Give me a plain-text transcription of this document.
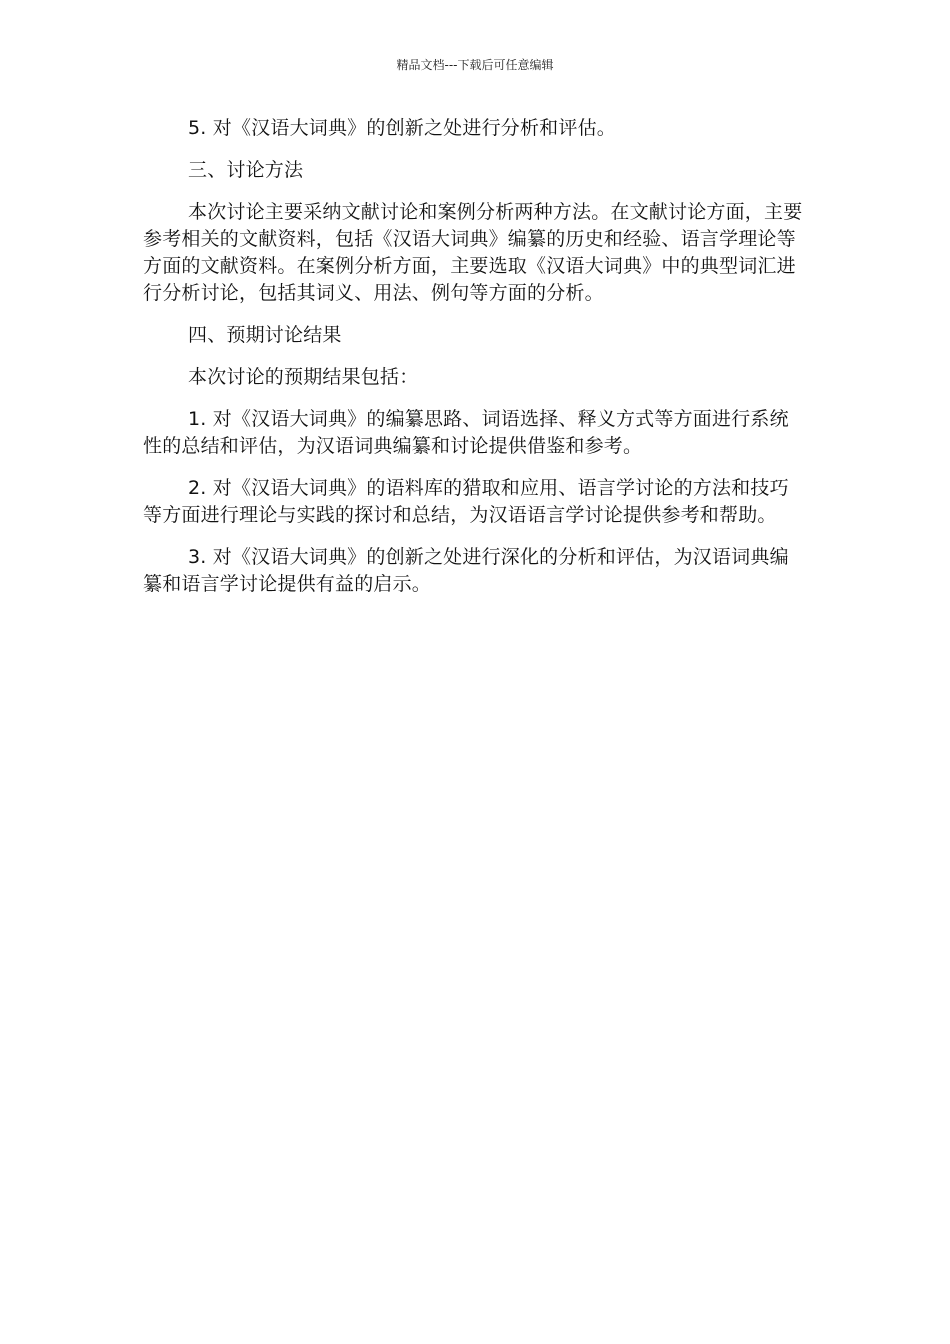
精品文档---下载后可任意编辑

5. 对《汉语大词典》的创新之处进行分析和评估。

三、讨论方法

本次讨论主要采纳文献讨论和案例分析两种方法。在文献讨论方面，主要参考相关的文献资料，包括《汉语大词典》编纂的历史和经验、语言学理论等方面的文献资料。在案例分析方面，主要选取《汉语大词典》中的典型词汇进行分析讨论，包括其词义、用法、例句等方面的分析。

四、预期讨论结果

本次讨论的预期结果包括：

1. 对《汉语大词典》的编纂思路、词语选择、释义方式等方面进行系统性的总结和评估，为汉语词典编纂和讨论提供借鉴和参考。

2. 对《汉语大词典》的语料库的猎取和应用、语言学讨论的方法和技巧等方面进行理论与实践的探讨和总结，为汉语语言学讨论提供参考和帮助。

3. 对《汉语大词典》的创新之处进行深化的分析和评估，为汉语词典编纂和语言学讨论提供有益的启示。
